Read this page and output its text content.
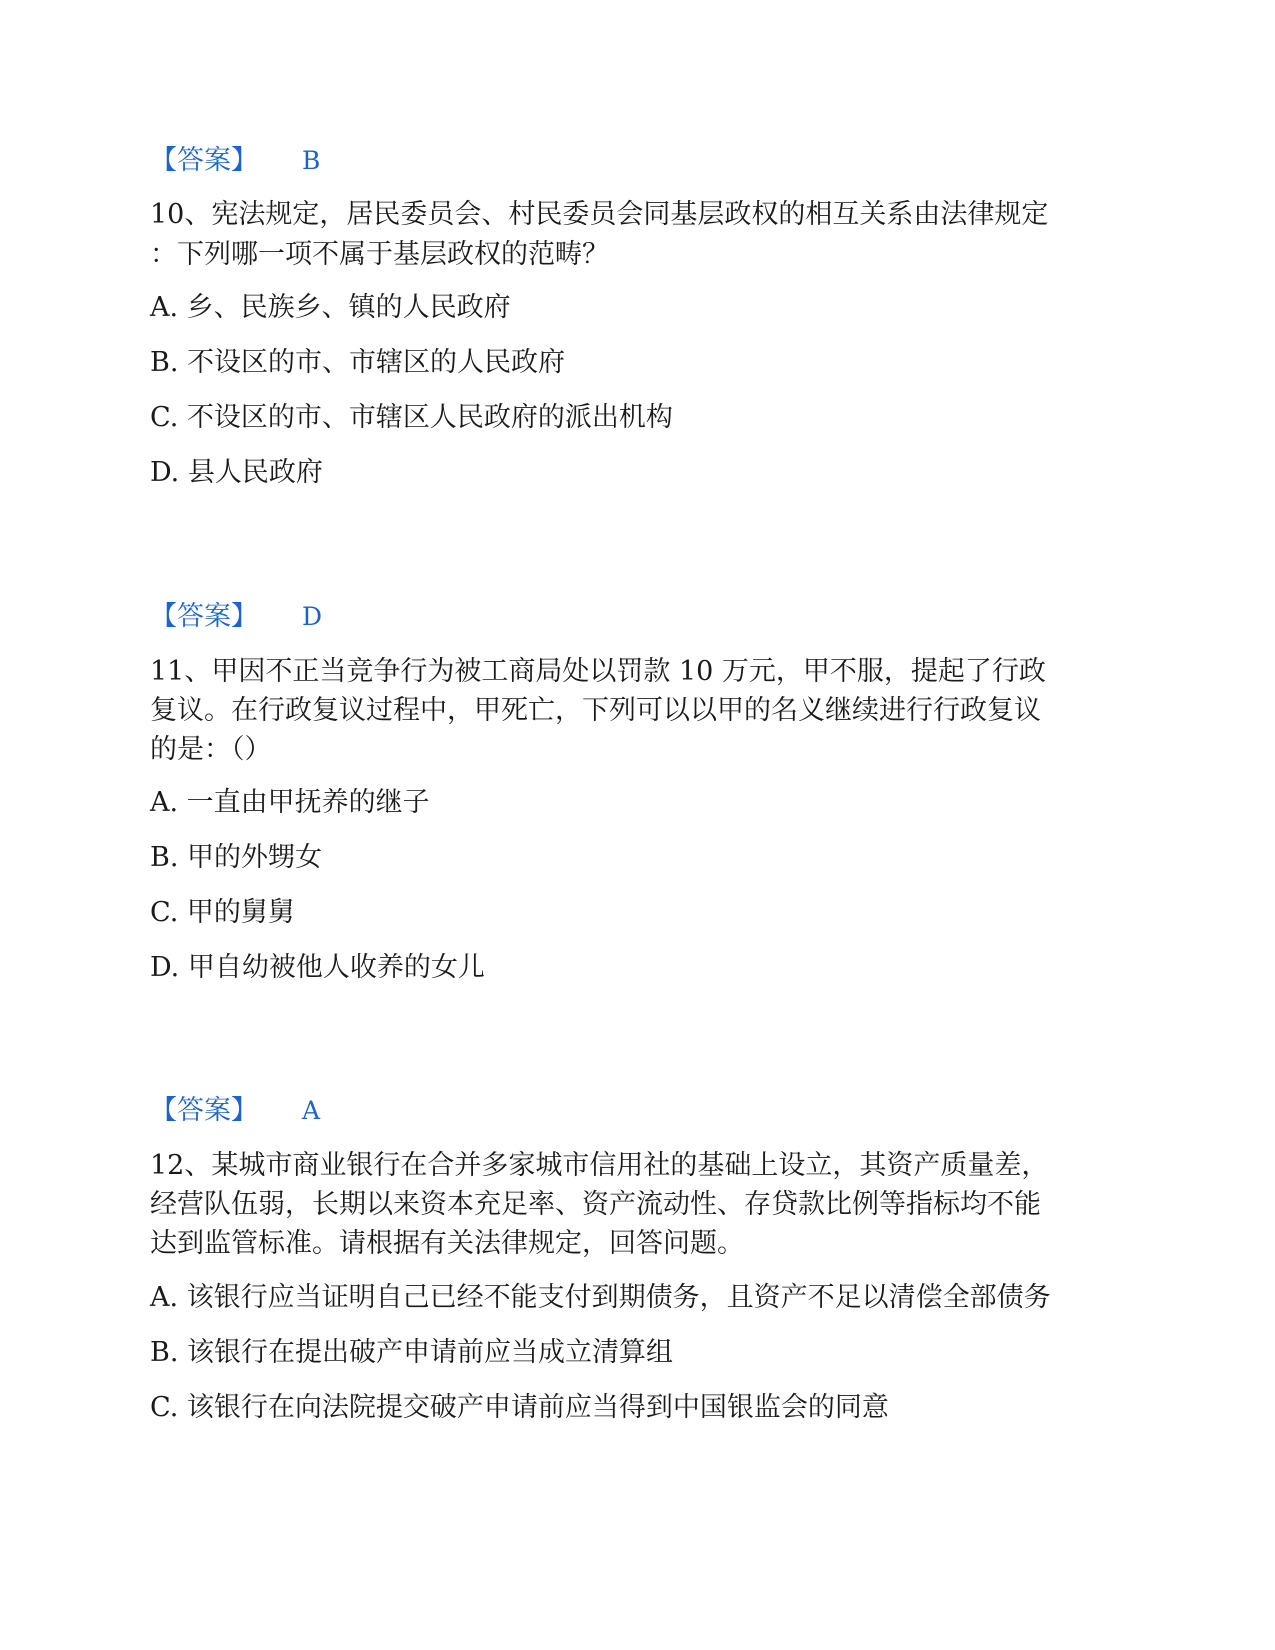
【答案】 B
10、宪法规定，居民委员会、村民委员会同基层政权的相互关系由法律规定
：下列哪一项不属于基层政权的范畴？
A. 乡、民族乡、镇的人民政府
B. 不设区的市、市辖区的人民政府
C. 不设区的市、市辖区人民政府的派出机构
D. 县人民政府
【答案】 D
11、甲因不正当竞争行为被工商局处以罚款 10 万元，甲不服，提起了行政
复议。在行政复议过程中，甲死亡，下列可以以甲的名义继续进行行政复议
的是：（）
A. 一直由甲抚养的继子
B. 甲的外甥女
C. 甲的舅舅
D. 甲自幼被他人收养的女儿
【答案】 A
12、某城市商业银行在合并多家城市信用社的基础上设立，其资产质量差，
经营队伍弱，长期以来资本充足率、资产流动性、存贷款比例等指标均不能
达到监管标准。请根据有关法律规定，回答问题。
A. 该银行应当证明自己已经不能支付到期债务，且资产不足以清偿全部债务
B. 该银行在提出破产申请前应当成立清算组
C. 该银行在向法院提交破产申请前应当得到中国银监会的同意
